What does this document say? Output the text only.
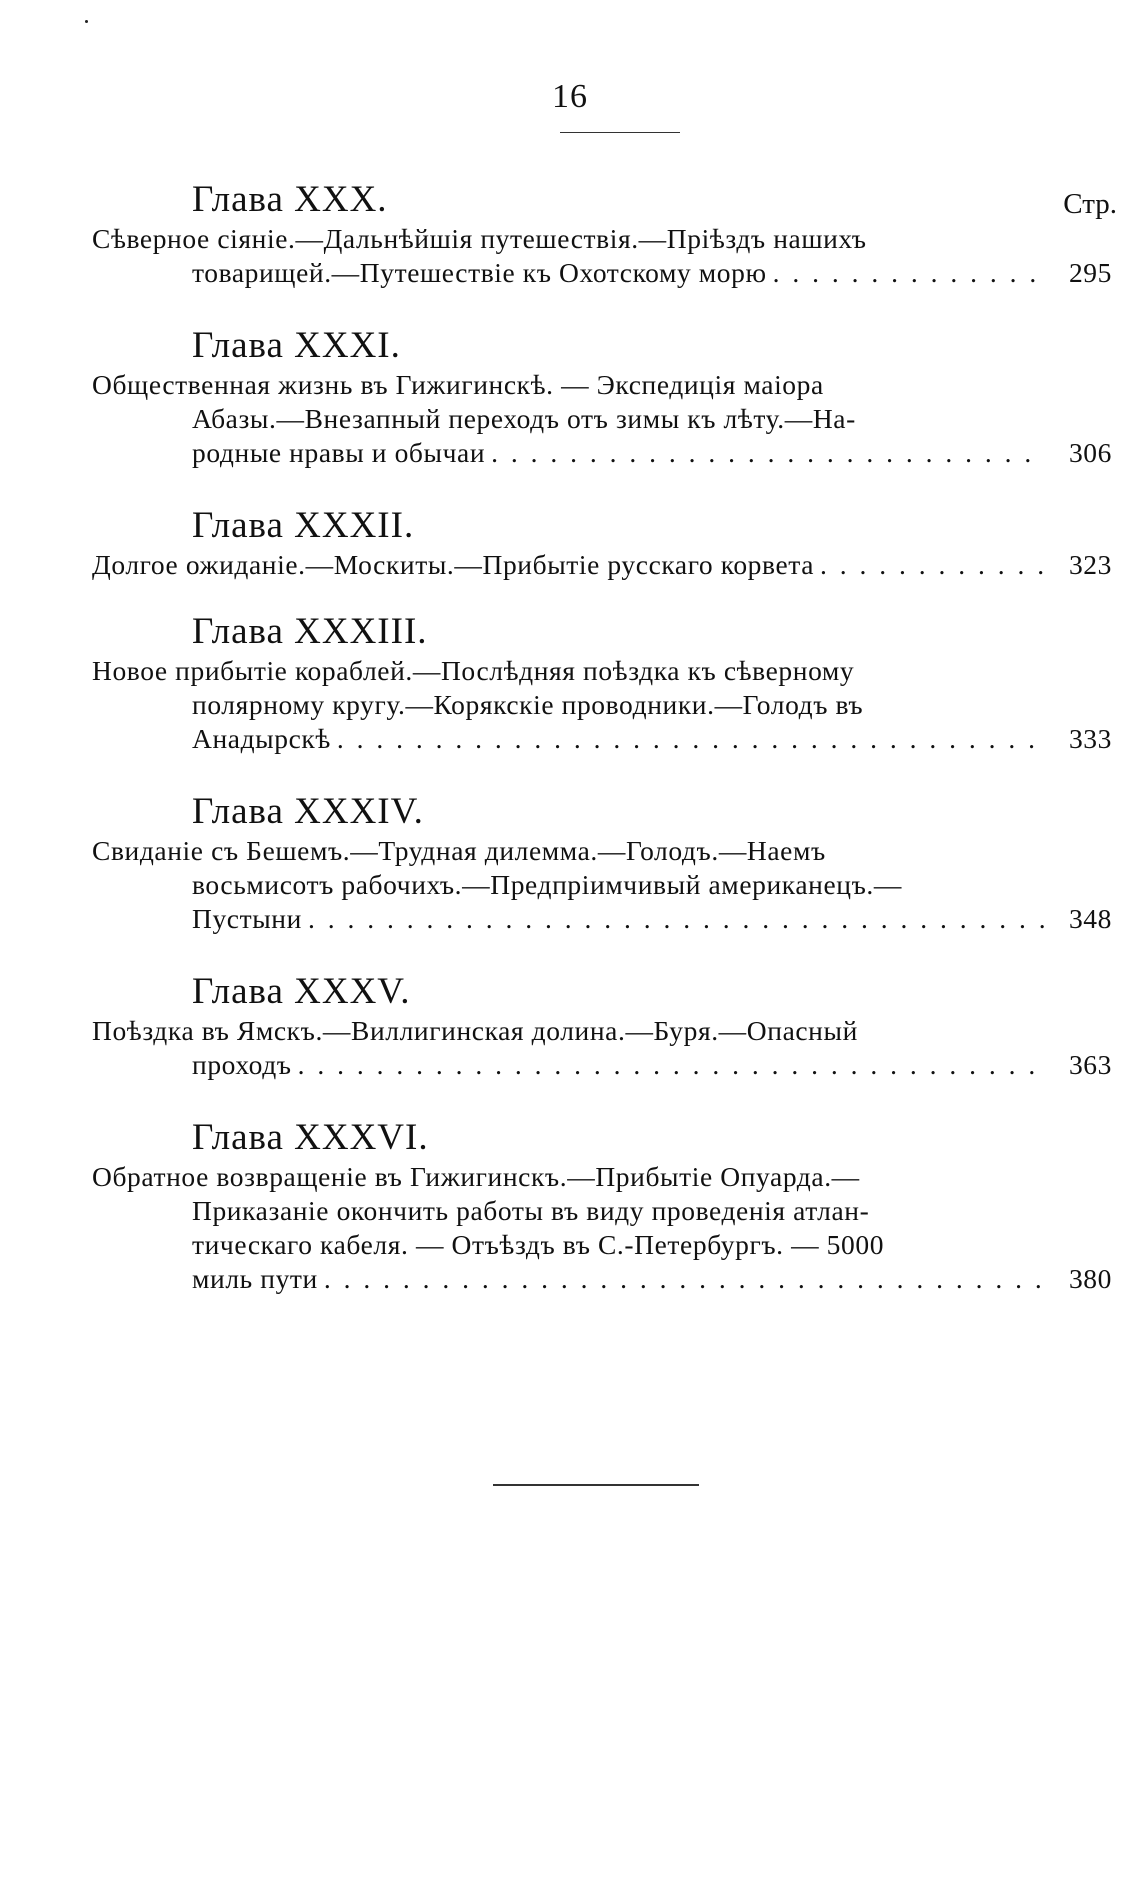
16
Глава XXX.	Стр.
Сѣверное сіяніе.—Дальнѣйшія путешествія.—Пріѣздъ нашихъ
товарищей.—Путешествіе къ Охотскому морю . . .	295
Глава XXXI.
Общественная жизнь въ Гижигинскѣ. — Экспедиція маіора
Абазы.—Внезапный переходъ отъ зимы къ лѣту.—На-
родные нравы и обычаи . . .	306
Глава XXXII.
Долгое ожиданіе.—Москиты.—Прибытіе русскаго корвета . . .	323
Глава XXXIII.
Новое прибытіе кораблей.—Послѣдняя поѣздка къ сѣверному
полярному кругу.—Корякскіе проводники.—Голодъ въ
Анадырскѣ . . .	333
Глава XXXIV.
Свиданіе съ Бешемъ.—Трудная дилемма.—Голодъ.—Наемъ
восьмисотъ рабочихъ.—Предпріимчивый американецъ.—
Пустыни . . .	348
Глава XXXV.
Поѣздка въ Ямскъ.—Виллигинская долина.—Буря.—Опасный
проходъ . . .	363
Глава XXXVI.
Обратное возвращеніе въ Гижигинскъ.—Прибытіе Опуарда.—
Приказаніе окончить работы въ виду проведенія атлан-
тическаго кабеля. — Отъѣздъ въ С.-Петербургъ. — 5000
миль пути . . .	380
